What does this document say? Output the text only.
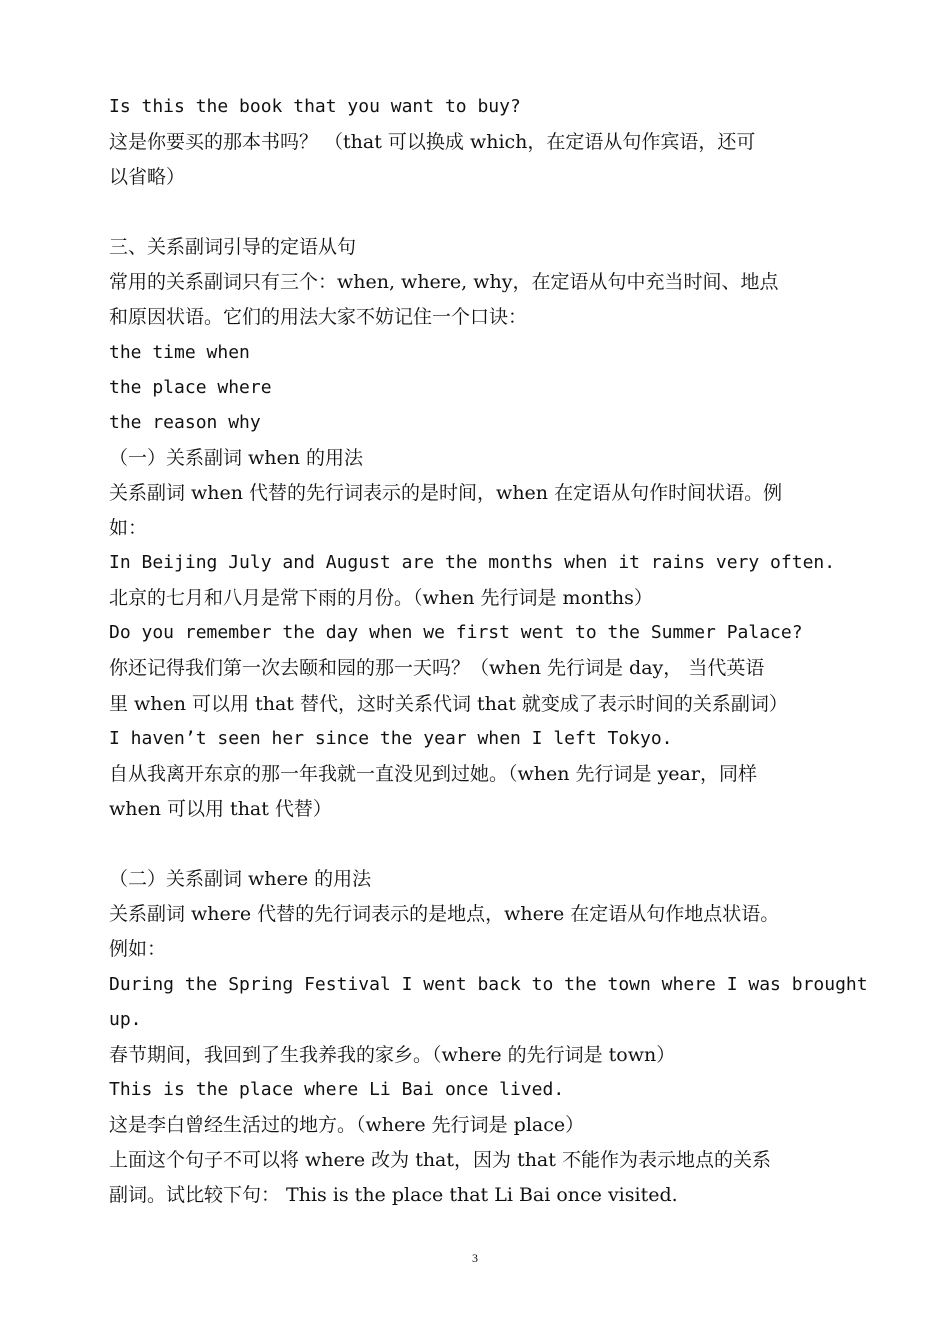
Is this the book that you want to buy?
这是你要买的那本书吗？ （that 可以换成 which，在定语从句作宾语，还可
以省略）
三、关系副词引导的定语从句
常用的关系副词只有三个：when, where, why，在定语从句中充当时间、地点
和原因状语。它们的用法大家不妨记住一个口诀：
the time when
the place where
the reason why
（一）关系副词 when 的用法
关系副词 when 代替的先行词表示的是时间，when 在定语从句作时间状语。例
如：
In Beijing July and August are the months when it rains very often.
北京的七月和八月是常下雨的月份。（when 先行词是 months）
Do you remember the day when we first went to the Summer Palace?
你还记得我们第一次去颐和园的那一天吗？（when 先行词是 day， 当代英语
里 when 可以用 that 替代，这时关系代词 that 就变成了表示时间的关系副词）
I haven’t seen her since the year when I left Tokyo.
自从我离开东京的那一年我就一直没见到过她。（when 先行词是 year，同样
when 可以用 that 代替）
（二）关系副词 where 的用法
关系副词 where 代替的先行词表示的是地点，where 在定语从句作地点状语。
例如：
During the Spring Festival I went back to the town where I was brought
up.
春节期间，我回到了生我养我的家乡。（where 的先行词是 town）
This is the place where Li Bai once lived.
这是李白曾经生活过的地方。（where 先行词是 place）
上面这个句子不可以将 where 改为 that，因为 that 不能作为表示地点的关系
副词。试比较下句： This is the place that Li Bai once visited.
3
